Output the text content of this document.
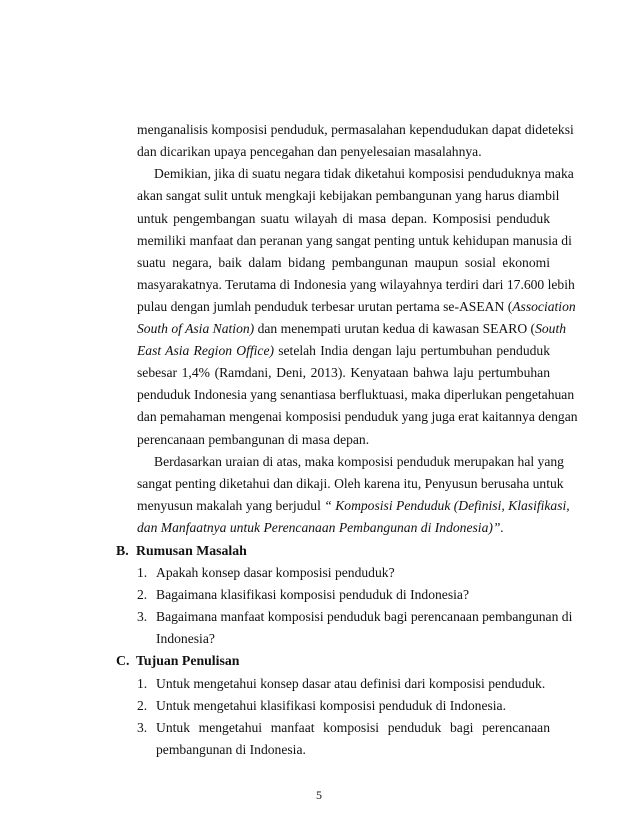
menganalisis komposisi penduduk, permasalahan kependudukan dapat dideteksi
dan dicarikan upaya pencegahan dan penyelesaian masalahnya.
Demikian, jika di suatu negara tidak diketahui komposisi penduduknya maka
akan sangat sulit untuk mengkaji kebijakan pembangunan yang harus diambil
untuk pengembangan suatu wilayah di masa depan. Komposisi penduduk
memiliki manfaat dan peranan yang sangat penting untuk kehidupan manusia di
suatu negara, baik dalam bidang pembangunan maupun sosial ekonomi
masyarakatnya. Terutama di Indonesia yang wilayahnya terdiri dari 17.600 lebih
pulau dengan jumlah penduduk terbesar urutan pertama se-ASEAN (Association
South of Asia Nation) dan menempati urutan kedua di kawasan SEARO (South
East Asia Region Office) setelah India dengan laju pertumbuhan penduduk
sebesar 1,4% (Ramdani, Deni, 2013). Kenyataan bahwa laju pertumbuhan
penduduk Indonesia yang senantiasa berfluktuasi, maka diperlukan pengetahuan
dan pemahaman mengenai komposisi penduduk yang juga erat kaitannya dengan
perencanaan pembangunan di masa depan.
Berdasarkan uraian di atas, maka komposisi penduduk merupakan hal yang
sangat penting diketahui dan dikaji. Oleh karena itu, Penyusun berusaha untuk
menyusun makalah yang berjudul “ Komposisi Penduduk (Definisi, Klasifikasi,
dan Manfaatnya untuk Perencanaan Pembangunan di Indonesia)”.
B. Rumusan Masalah
1. Apakah konsep dasar komposisi penduduk?
2. Bagaimana klasifikasi komposisi penduduk di Indonesia?
3. Bagaimana manfaat komposisi penduduk bagi perencanaan pembangunan di
Indonesia?
C. Tujuan Penulisan
1. Untuk mengetahui konsep dasar atau definisi dari komposisi penduduk.
2. Untuk mengetahui klasifikasi komposisi penduduk di Indonesia.
3. Untuk mengetahui manfaat komposisi penduduk bagi perencanaan
pembangunan di Indonesia.
5
